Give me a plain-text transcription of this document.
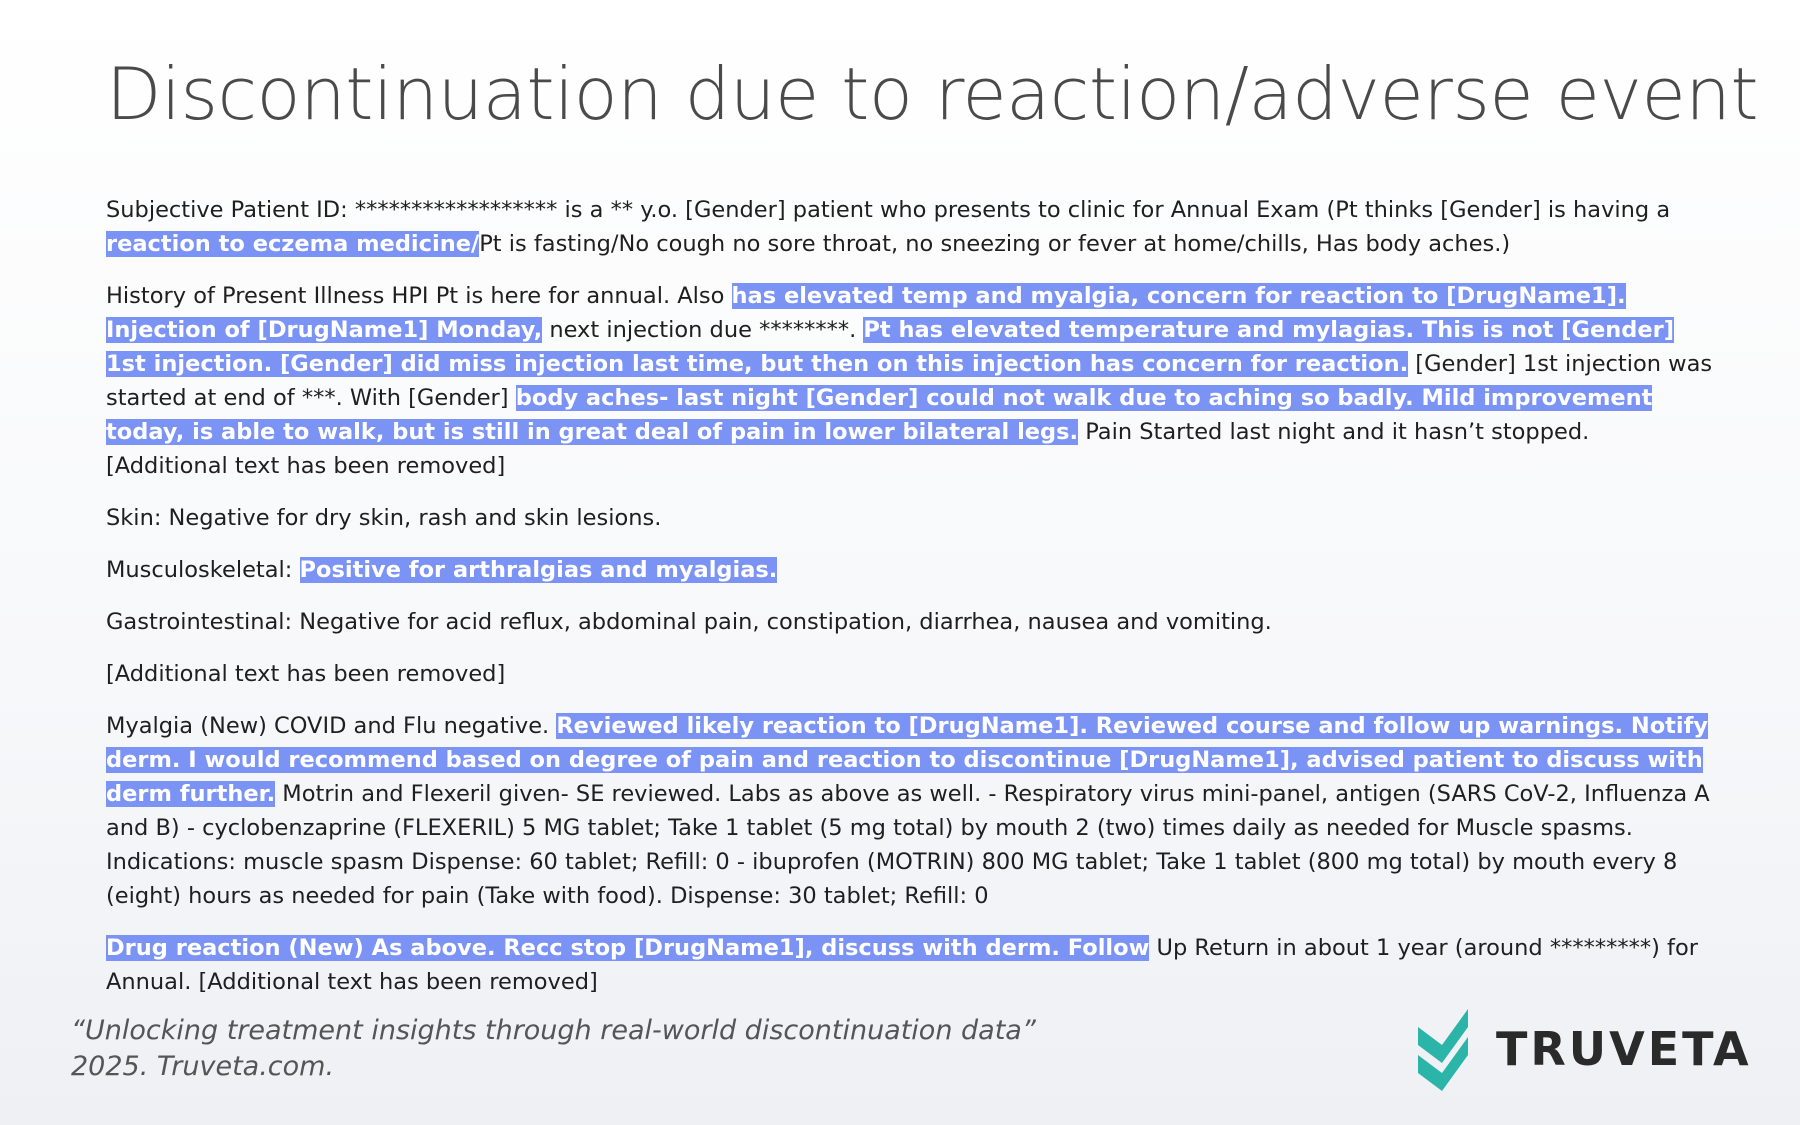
Discontinuation due to reaction/adverse event

Subjective Patient ID: ****************** is a ** y.o. [Gender] patient who presents to clinic for Annual Exam (Pt thinks [Gender] is having a reaction to eczema medicine/Pt is fasting/No cough no sore throat, no sneezing or fever at home/chills, Has body aches.)

History of Present Illness HPI Pt is here for annual. Also has elevated temp and myalgia, concern for reaction to [DrugName1]. Injection of [DrugName1] Monday, next injection due ********. Pt has elevated temperature and mylagias. This is not [Gender] 1st injection. [Gender] did miss injection last time, but then on this injection has concern for reaction. [Gender] 1st injection was started at end of ***. With [Gender] body aches- last night [Gender] could not walk due to aching so badly. Mild improvement today, is able to walk, but is still in great deal of pain in lower bilateral legs. Pain Started last night and it hasn’t stopped. [Additional text has been removed]

Skin: Negative for dry skin, rash and skin lesions.

Musculoskeletal: Positive for arthralgias and myalgias.

Gastrointestinal: Negative for acid reflux, abdominal pain, constipation, diarrhea, nausea and vomiting.

[Additional text has been removed]

Myalgia (New) COVID and Flu negative. Reviewed likely reaction to [DrugName1]. Reviewed course and follow up warnings. Notify derm. I would recommend based on degree of pain and reaction to discontinue [DrugName1], advised patient to discuss with derm further. Motrin and Flexeril given- SE reviewed. Labs as above as well. - Respiratory virus mini-panel, antigen (SARS CoV-2, Influenza A and B) - cyclobenzaprine (FLEXERIL) 5 MG tablet; Take 1 tablet (5 mg total) by mouth 2 (two) times daily as needed for Muscle spasms. Indications: muscle spasm Dispense: 60 tablet; Refill: 0 - ibuprofen (MOTRIN) 800 MG tablet; Take 1 tablet (800 mg total) by mouth every 8 (eight) hours as needed for pain (Take with food). Dispense: 30 tablet; Refill: 0

Drug reaction (New) As above. Recc stop [DrugName1], discuss with derm. Follow Up Return in about 1 year (around *********) for Annual. [Additional text has been removed]

“Unlocking treatment insights through real-world discontinuation data”
2025. Truveta.com.	TRUVETA
